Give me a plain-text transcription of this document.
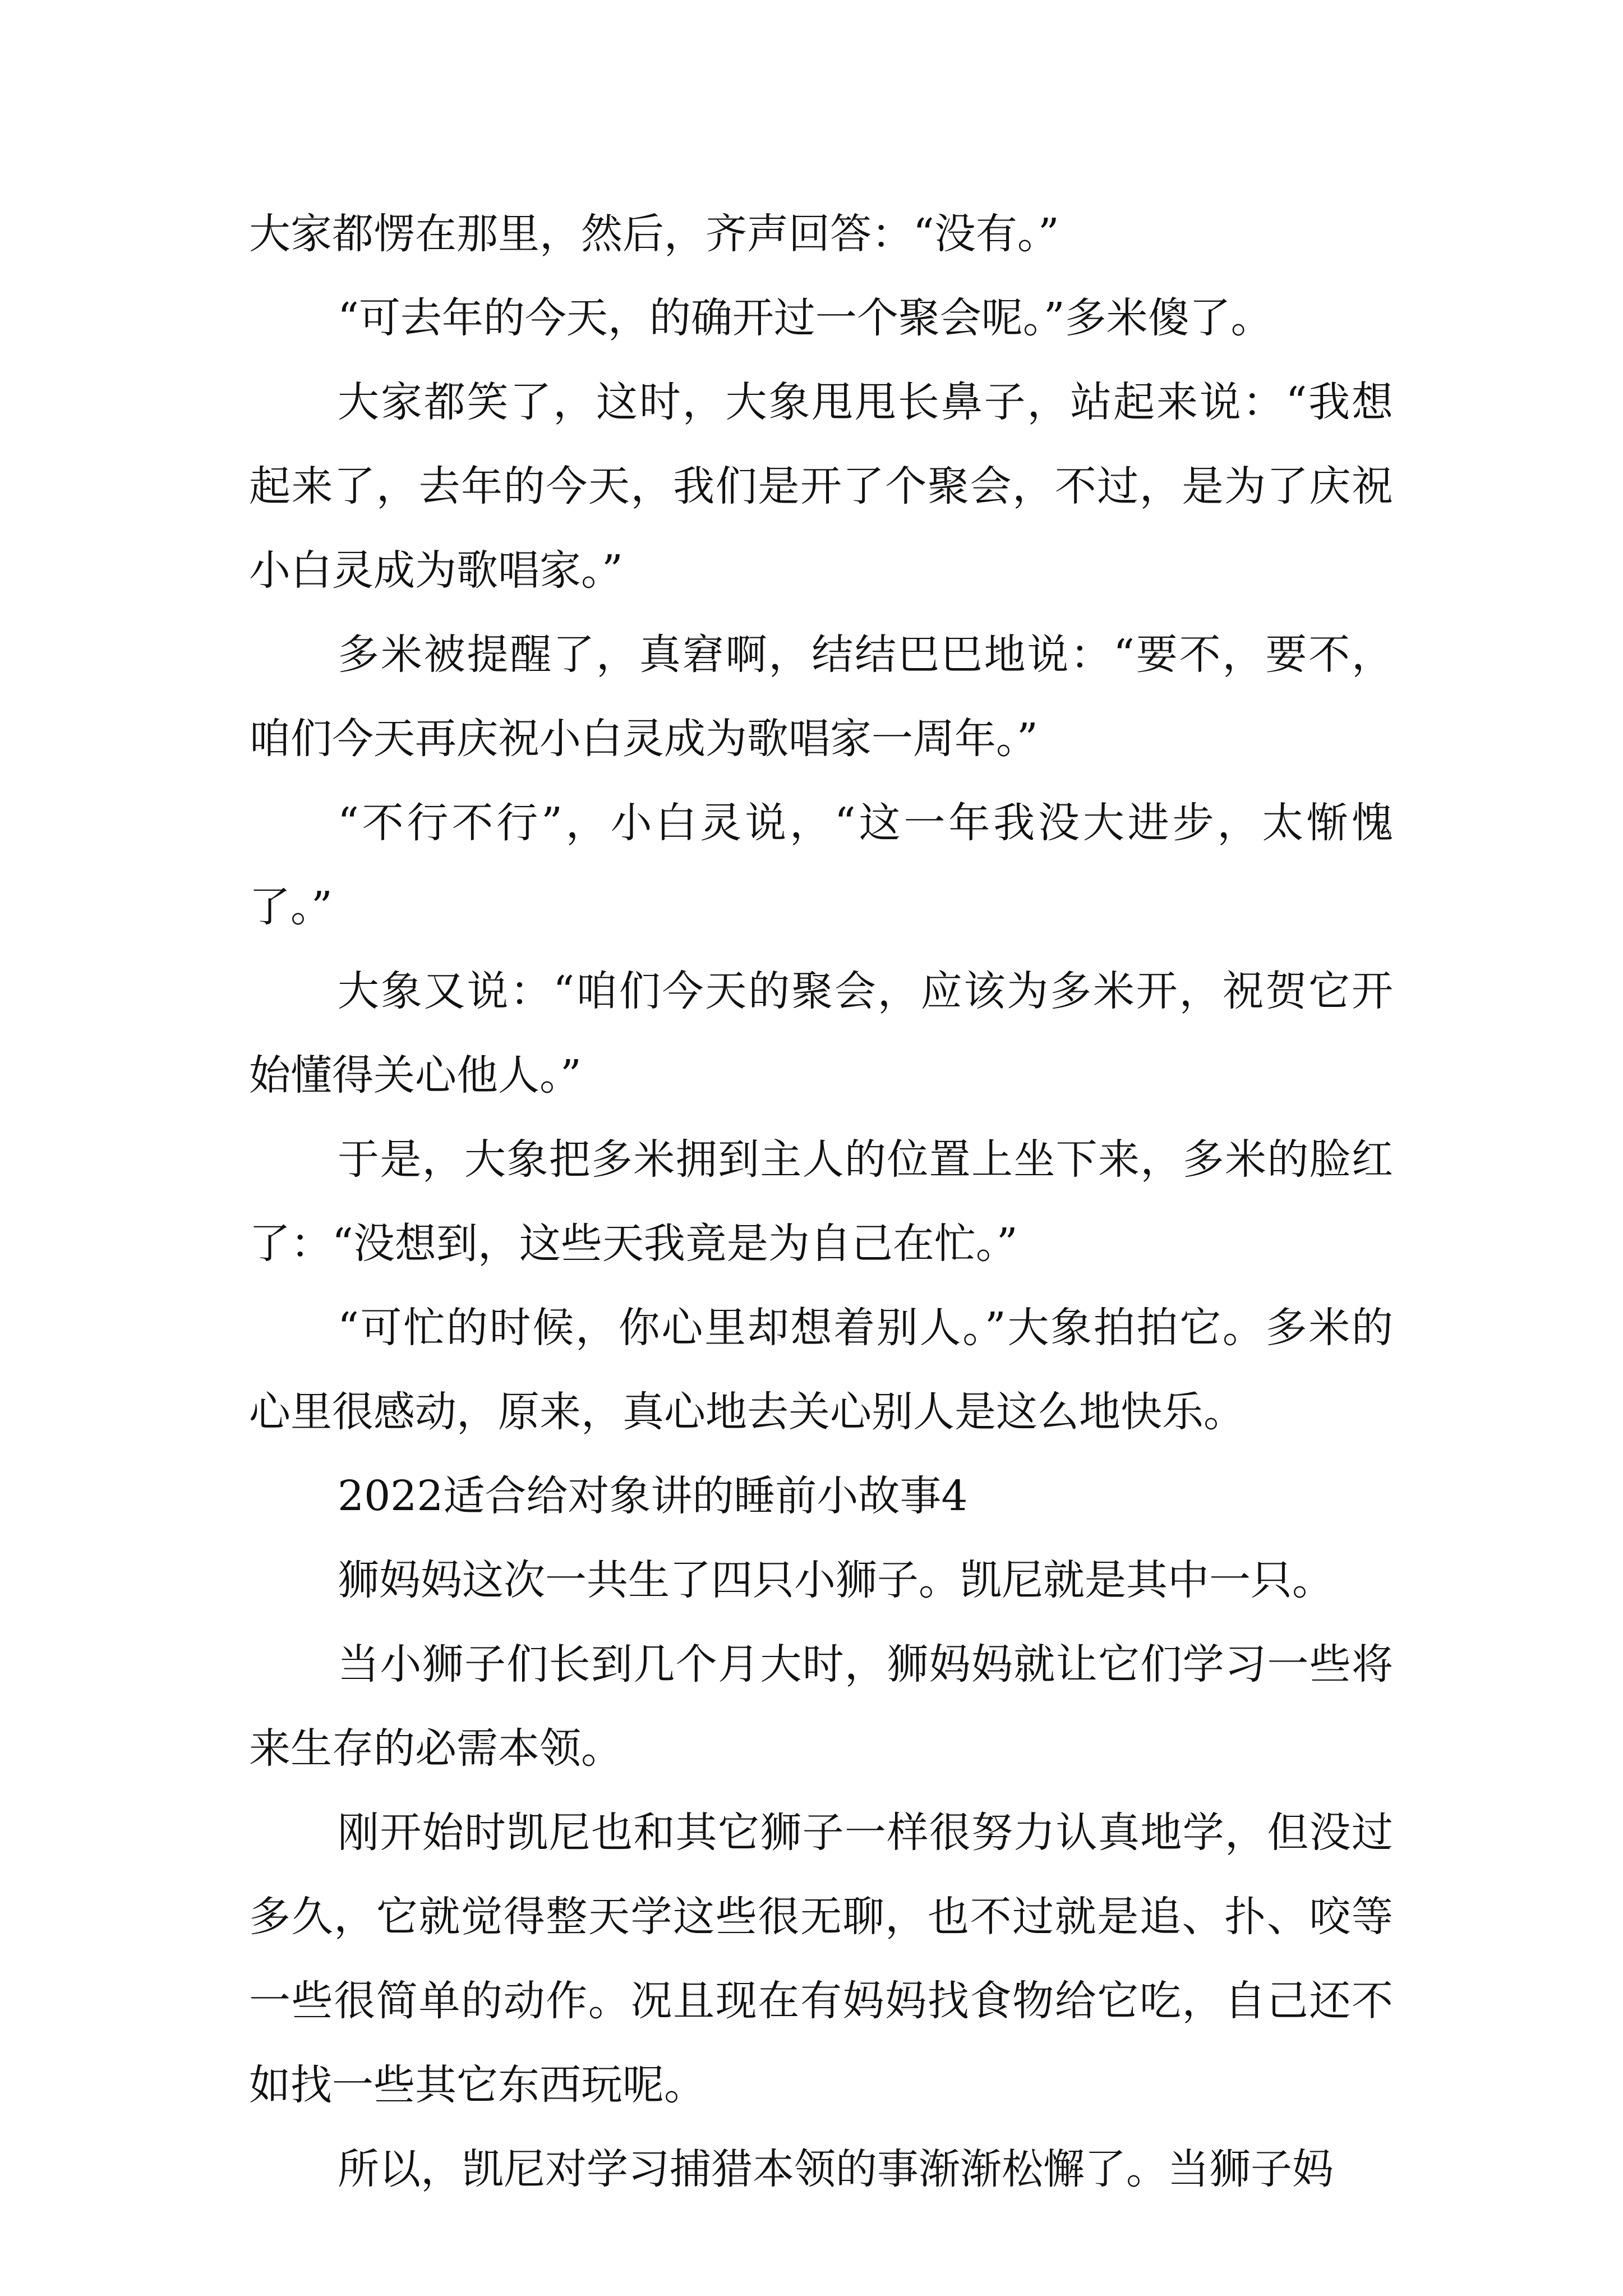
大家都愣在那里，然后，齐声回答：“没有。”

“可去年的今天，的确开过一个聚会呢。”多米傻了。

大家都笑了，这时，大象甩甩长鼻子，站起来说：“我想起来了，去年的今天，我们是开了个聚会，不过，是为了庆祝小白灵成为歌唱家。”

多米被提醒了，真窘啊，结结巴巴地说：“要不，要不，咱们今天再庆祝小白灵成为歌唱家一周年。”

“不行不行”，小白灵说，“这一年我没大进步，太惭愧了。”

大象又说：“咱们今天的聚会，应该为多米开，祝贺它开始懂得关心他人。”

于是，大象把多米拥到主人的位置上坐下来，多米的脸红了：“没想到，这些天我竟是为自己在忙。”

“可忙的时候，你心里却想着别人。”大象拍拍它。多米的心里很感动，原来，真心地去关心别人是这么地快乐。

2022适合给对象讲的睡前小故事4

狮妈妈这次一共生了四只小狮子。凯尼就是其中一只。

当小狮子们长到几个月大时，狮妈妈就让它们学习一些将来生存的必需本领。

刚开始时凯尼也和其它狮子一样很努力认真地学，但没过多久，它就觉得整天学这些很无聊，也不过就是追、扑、咬等一些很简单的动作。况且现在有妈妈找食物给它吃，自己还不如找一些其它东西玩呢。

所以，凯尼对学习捕猎本领的事渐渐松懈了。当狮子妈
